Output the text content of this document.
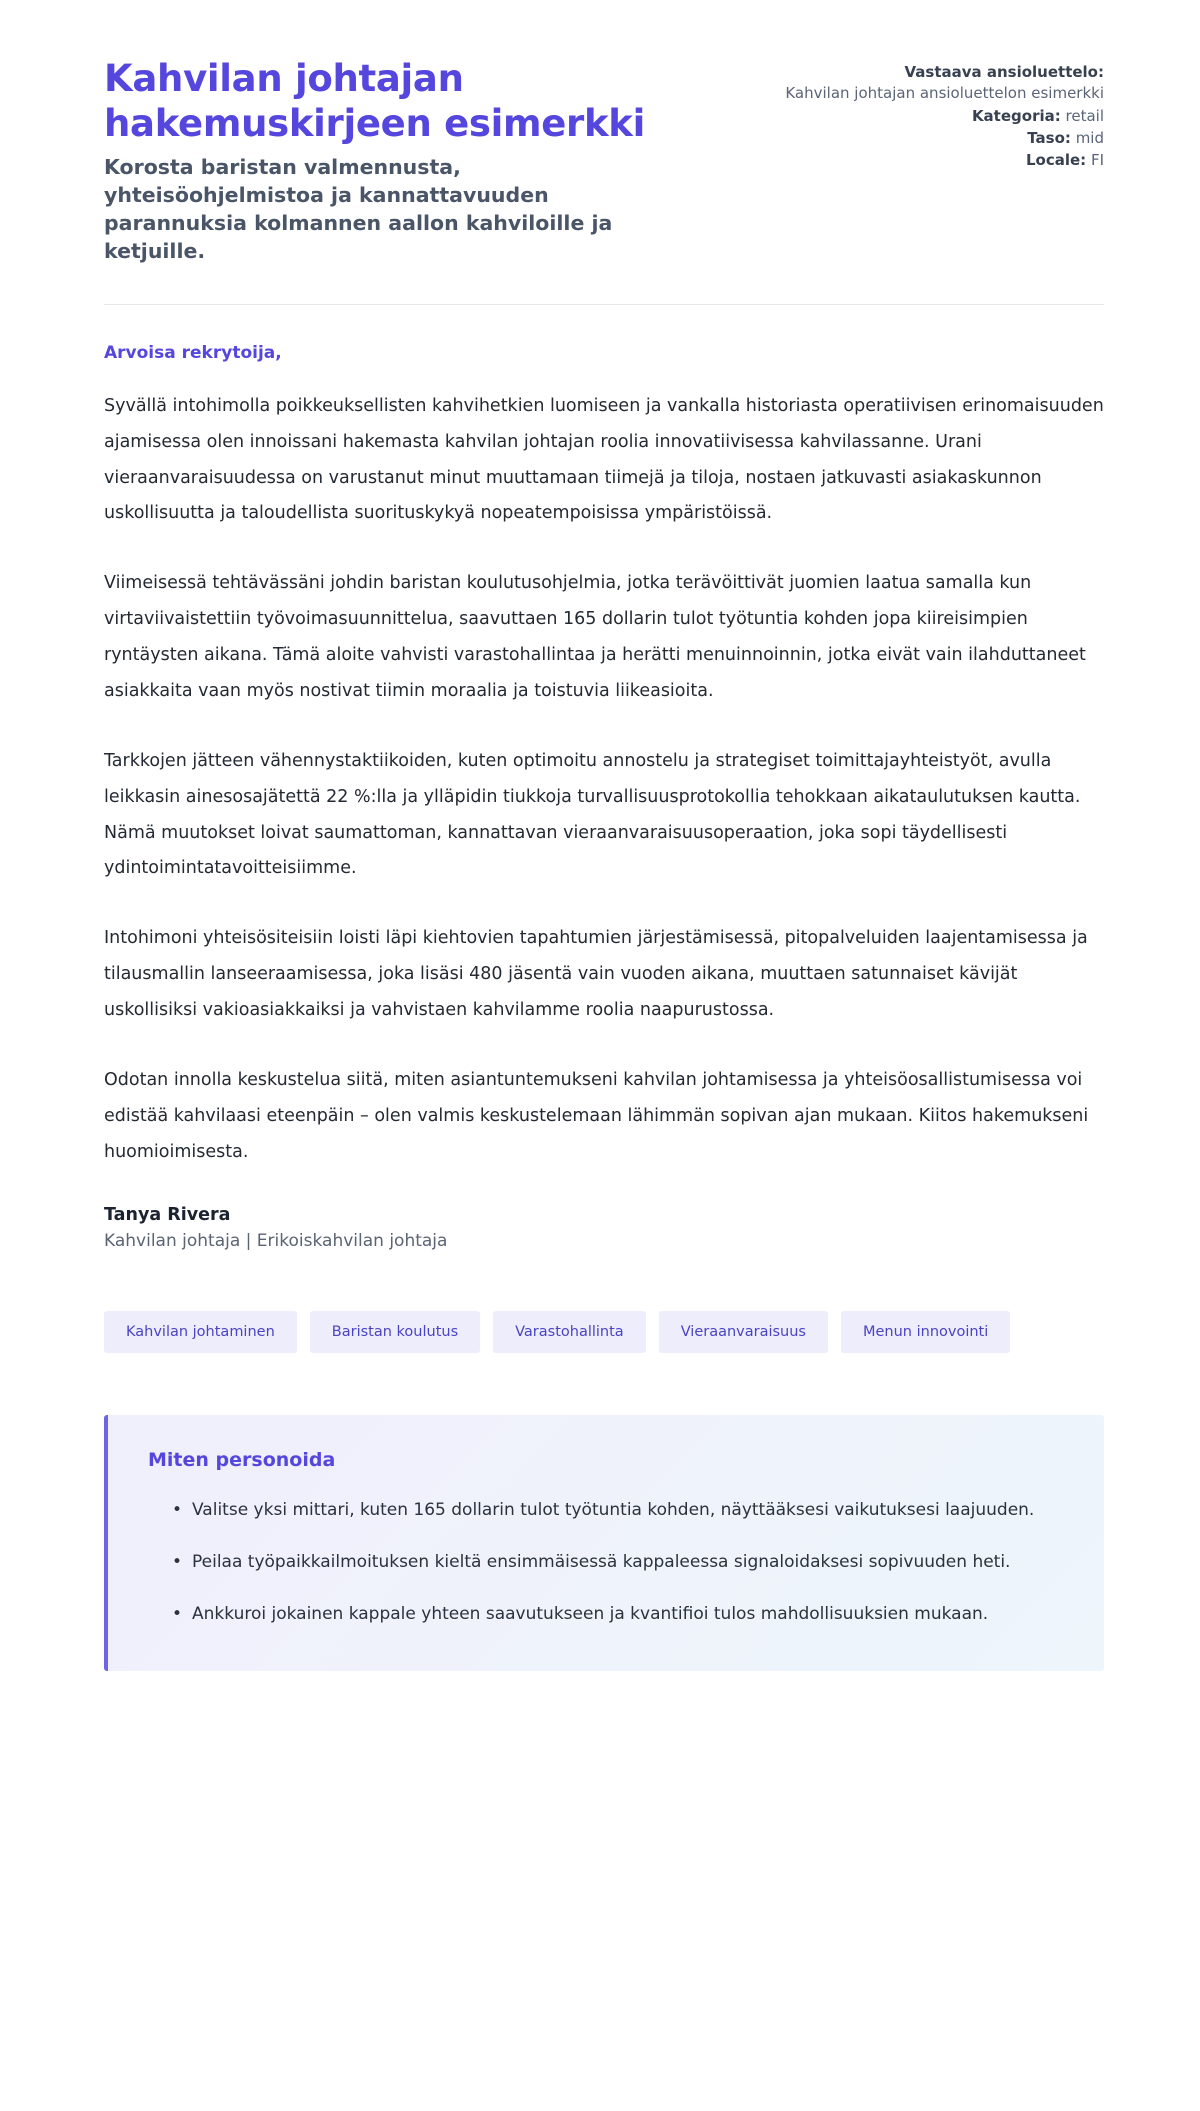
Kahvilan johtajan hakemuskirjeen esimerkki

Korosta baristan valmennusta, yhteisöohjelmistoa ja kannattavuuden parannuksia kolmannen aallon kahviloille ja ketjuille.

Vastaava ansioluettelo:
Kahvilan johtajan ansioluettelon esimerkki
Kategoria: retail
Taso: mid
Locale: FI

Arvoisa rekrytoija,

Syvällä intohimolla poikkeuksellisten kahvihetkien luomiseen ja vankalla historiasta operatiivisen erinomaisuuden ajamisessa olen innoissani hakemasta kahvilan johtajan roolia innovatiivisessa kahvilassanne. Urani vieraanvaraisuudessa on varustanut minut muuttamaan tiimejä ja tiloja, nostaen jatkuvasti asiakaskunnon uskollisuutta ja taloudellista suorituskykyä nopeatempoisissa ympäristöissä.

Viimeisessä tehtävässäni johdin baristan koulutusohjelmia, jotka terävöittivät juomien laatua samalla kun virtaviivaistettiin työvoimasuunnittelua, saavuttaen 165 dollarin tulot työtuntia kohden jopa kiireisimpien ryntäysten aikana. Tämä aloite vahvisti varastohallintaa ja herätti menuinnoinnin, jotka eivät vain ilahduttaneet asiakkaita vaan myös nostivat tiimin moraalia ja toistuvia liikeasioita.

Tarkkojen jätteen vähennystaktiikoiden, kuten optimoitu annostelu ja strategiset toimittajayhteistyöt, avulla leikkasin ainesosajätettä 22 %:lla ja ylläpidin tiukkoja turvallisuusprotokollia tehokkaan aikataulutuksen kautta. Nämä muutokset loivat saumattoman, kannattavan vieraanvaraisuusoperaation, joka sopi täydellisesti ydintoimintatavoitteisiimme.

Intohimoni yhteisösiteisiin loisti läpi kiehtovien tapahtumien järjestämisessä, pitopalveluiden laajentamisessa ja tilausmallin lanseeraamisessa, joka lisäsi 480 jäsentä vain vuoden aikana, muuttaen satunnaiset kävijät uskollisiksi vakioasiakkaiksi ja vahvistaen kahvilamme roolia naapurustossa.

Odotan innolla keskustelua siitä, miten asiantuntemukseni kahvilan johtamisessa ja yhteisöosallistumisessa voi edistää kahvilaasi eteenpäin – olen valmis keskustelemaan lähimmän sopivan ajan mukaan. Kiitos hakemukseni huomioimisesta.

Tanya Rivera

Kahvilan johtaja | Erikoiskahvilan johtaja

Kahvilan johtaminen	Baristan koulutus	Varastohallinta	Vieraanvaraisuus	Menun innovointi
Miten personoida
• Valitse yksi mittari, kuten 165 dollarin tulot työtuntia kohden, näyttääksesi vaikutuksesi laajuuden.
• Peilaa työpaikkailmoituksen kieltä ensimmäisessä kappaleessa signaloidaksesi sopivuuden heti.
• Ankkuroi jokainen kappale yhteen saavutukseen ja kvantifioi tulos mahdollisuuksien mukaan.
